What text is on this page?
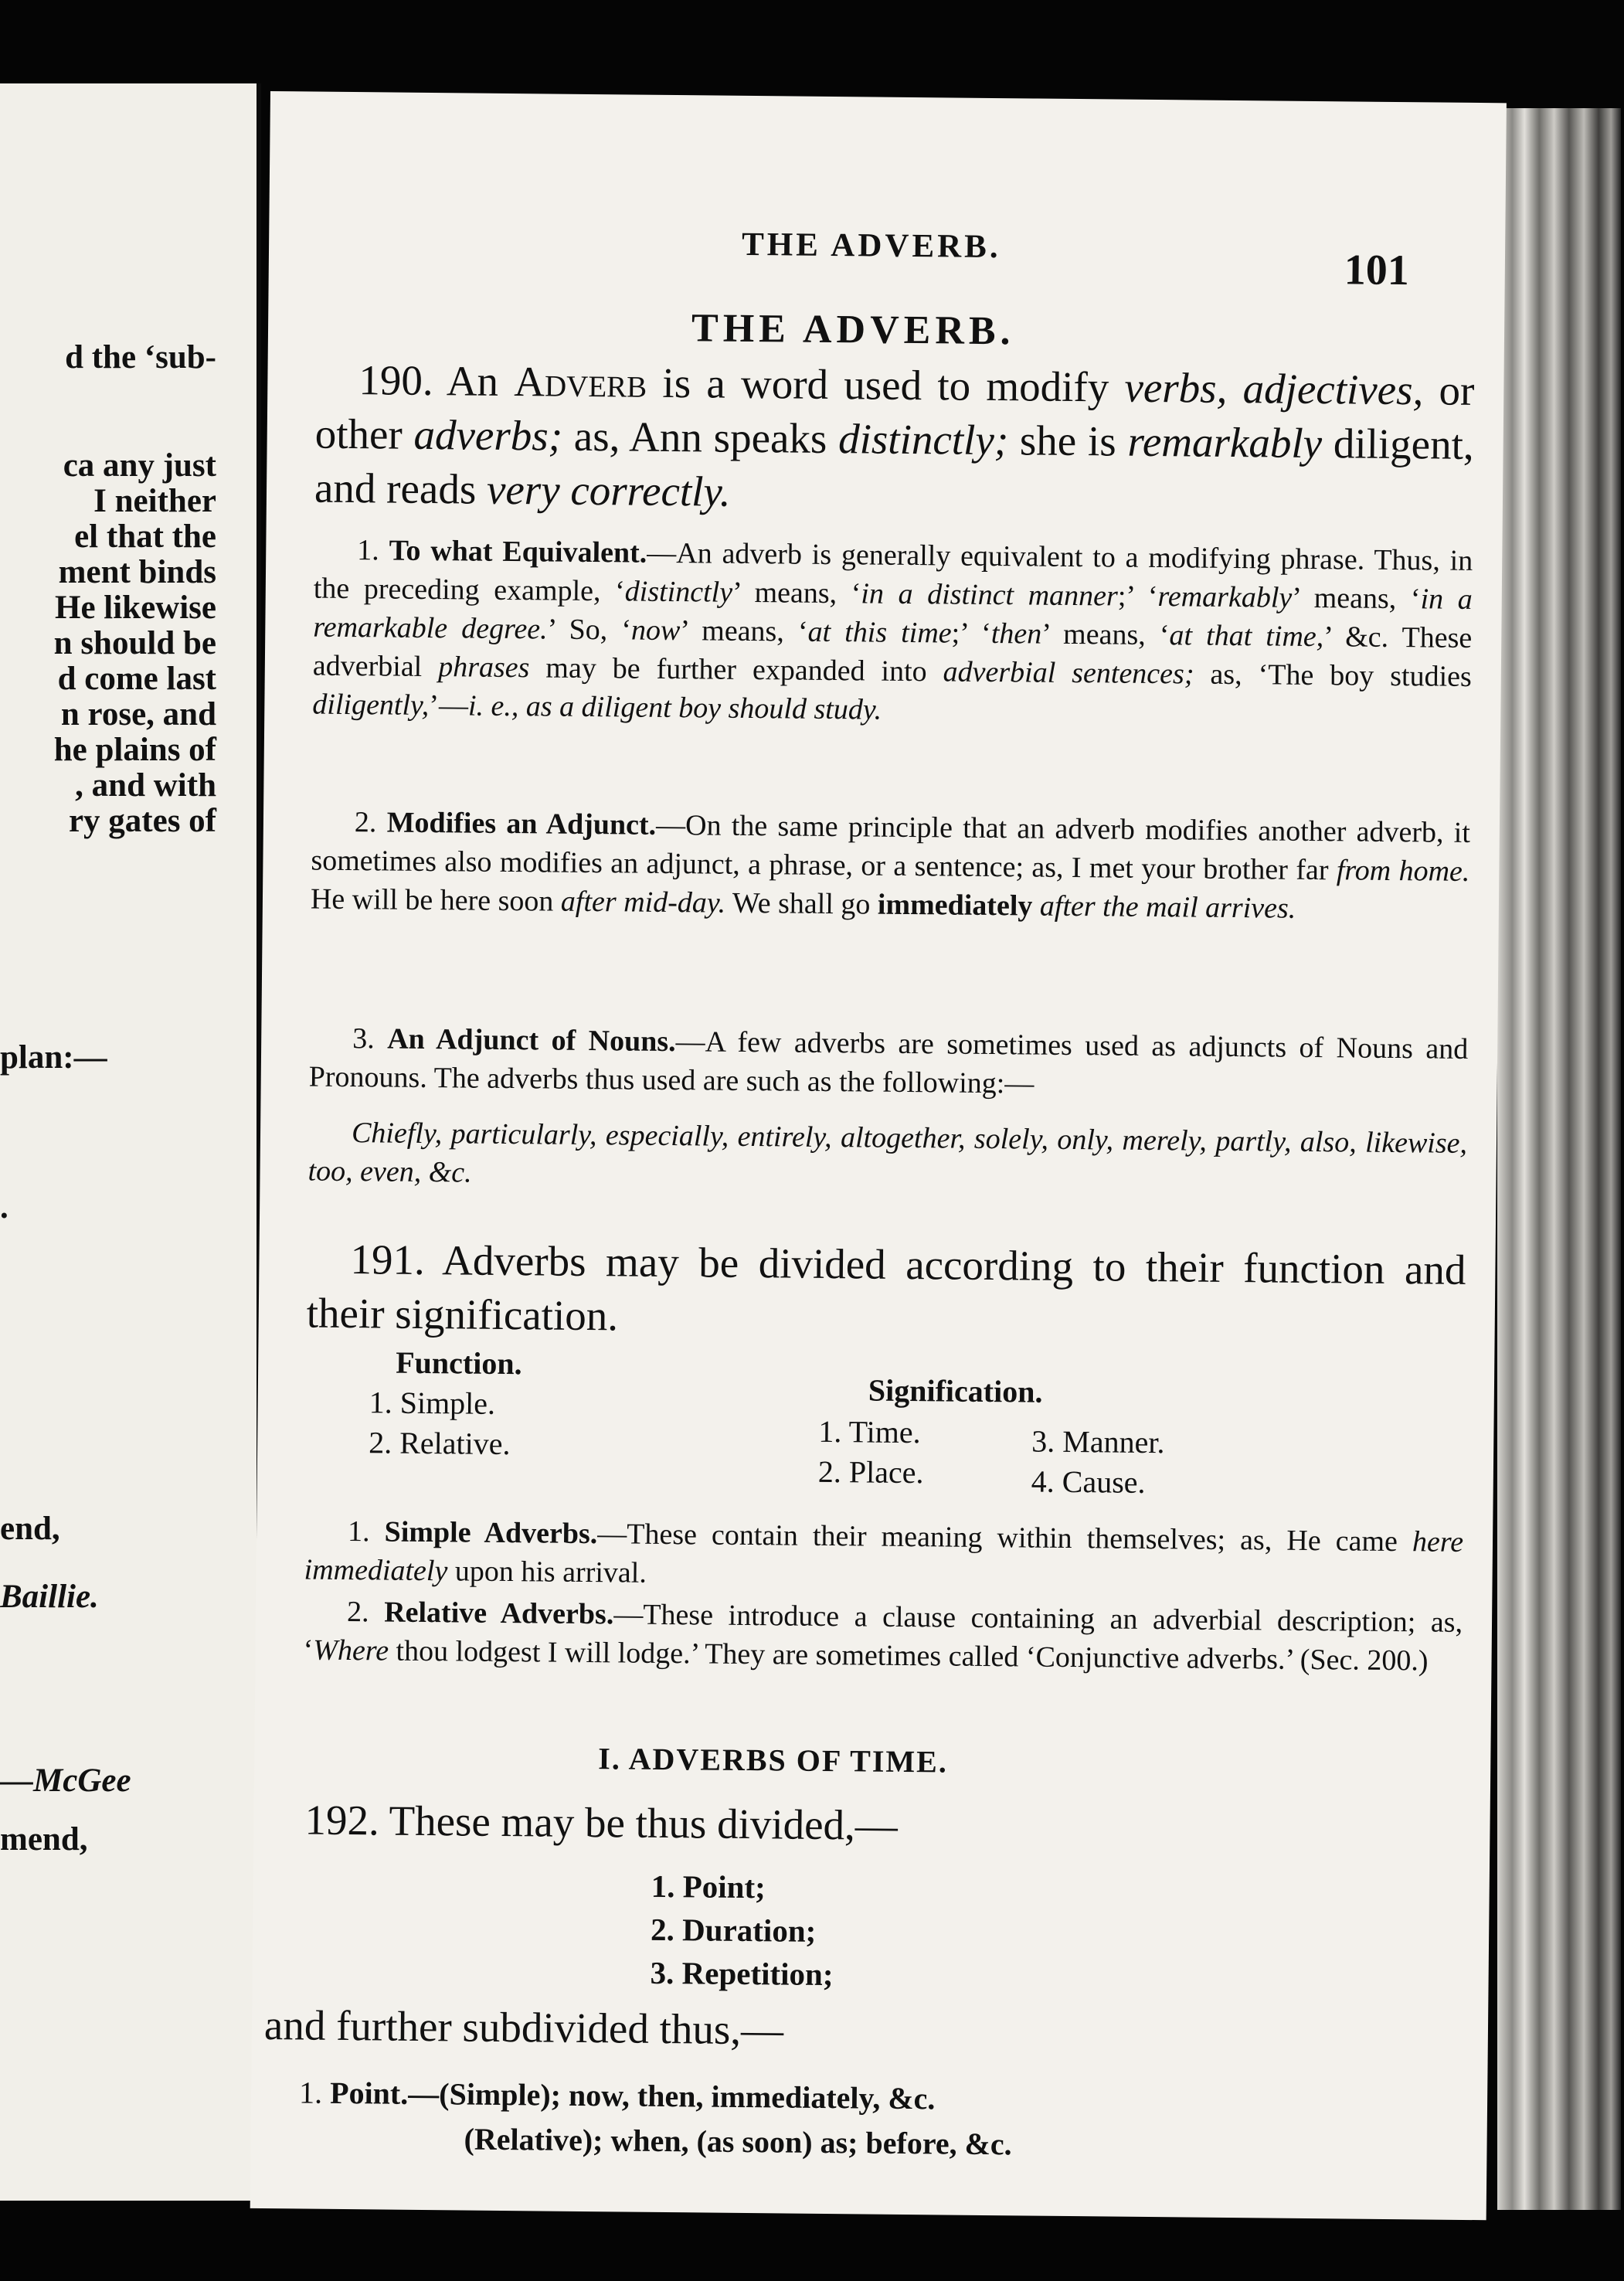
d the ‘sub-
ca any just
I neither
el that the
ment binds
He likewise
n should be
d come last
n rose, and
he plains of
, and with
ry gates of
plan:—
.
end,
Baillie.
—McGee
mend,
THE ADVERB.
101
THE ADVERB.

190. An Adverb is a word used to modify verbs, adjectives, or other adverbs; as, Ann speaks distinctly; she is remarkably diligent, and reads very correctly.

1. To what Equivalent.—An adverb is generally equivalent to a modifying phrase. Thus, in the preceding example, ‘distinctly’ means, ‘in a distinct manner;’ ‘remarkably’ means, ‘in a remarkable degree.’ So, ‘now’ means, ‘at this time;’ ‘then’ means, ‘at that time,’ &c. These adverbial phrases may be further expanded into adverbial sentences; as, ‘The boy studies diligently,’—i. e., as a diligent boy should study.

2. Modifies an Adjunct.—On the same principle that an adverb modifies another adverb, it sometimes also modifies an adjunct, a phrase, or a sentence; as, I met your brother far from home. He will be here soon after mid-day. We shall go immediately after the mail arrives.

3. An Adjunct of Nouns.—A few adverbs are sometimes used as adjuncts of Nouns and Pronouns. The adverbs thus used are such as the following:—

Chiefly, particularly, especially, entirely, altogether, solely, only, merely, partly, also, likewise, too, even, &c.

191. Adverbs may be divided according to their function and their signification.

Function.
1. Simple.
2. Relative.
Signification.
1. Time.
2. Place.
3. Manner.
4. Cause.

1. Simple Adverbs.—These contain their meaning within themselves; as, He came here immediately upon his arrival.

2. Relative Adverbs.—These introduce a clause containing an adverbial description; as, ‘Where thou lodgest I will lodge.’ They are sometimes called ‘Conjunctive adverbs.’ (Sec. 200.)

I. ADVERBS OF TIME.
192. These may be thus divided,—
1. Point;
2. Duration;
3. Repetition;
and further subdivided thus,—
1. Point.—(Simple); now, then, immediately, &c.
(Relative); when, (as soon) as; before, &c.
